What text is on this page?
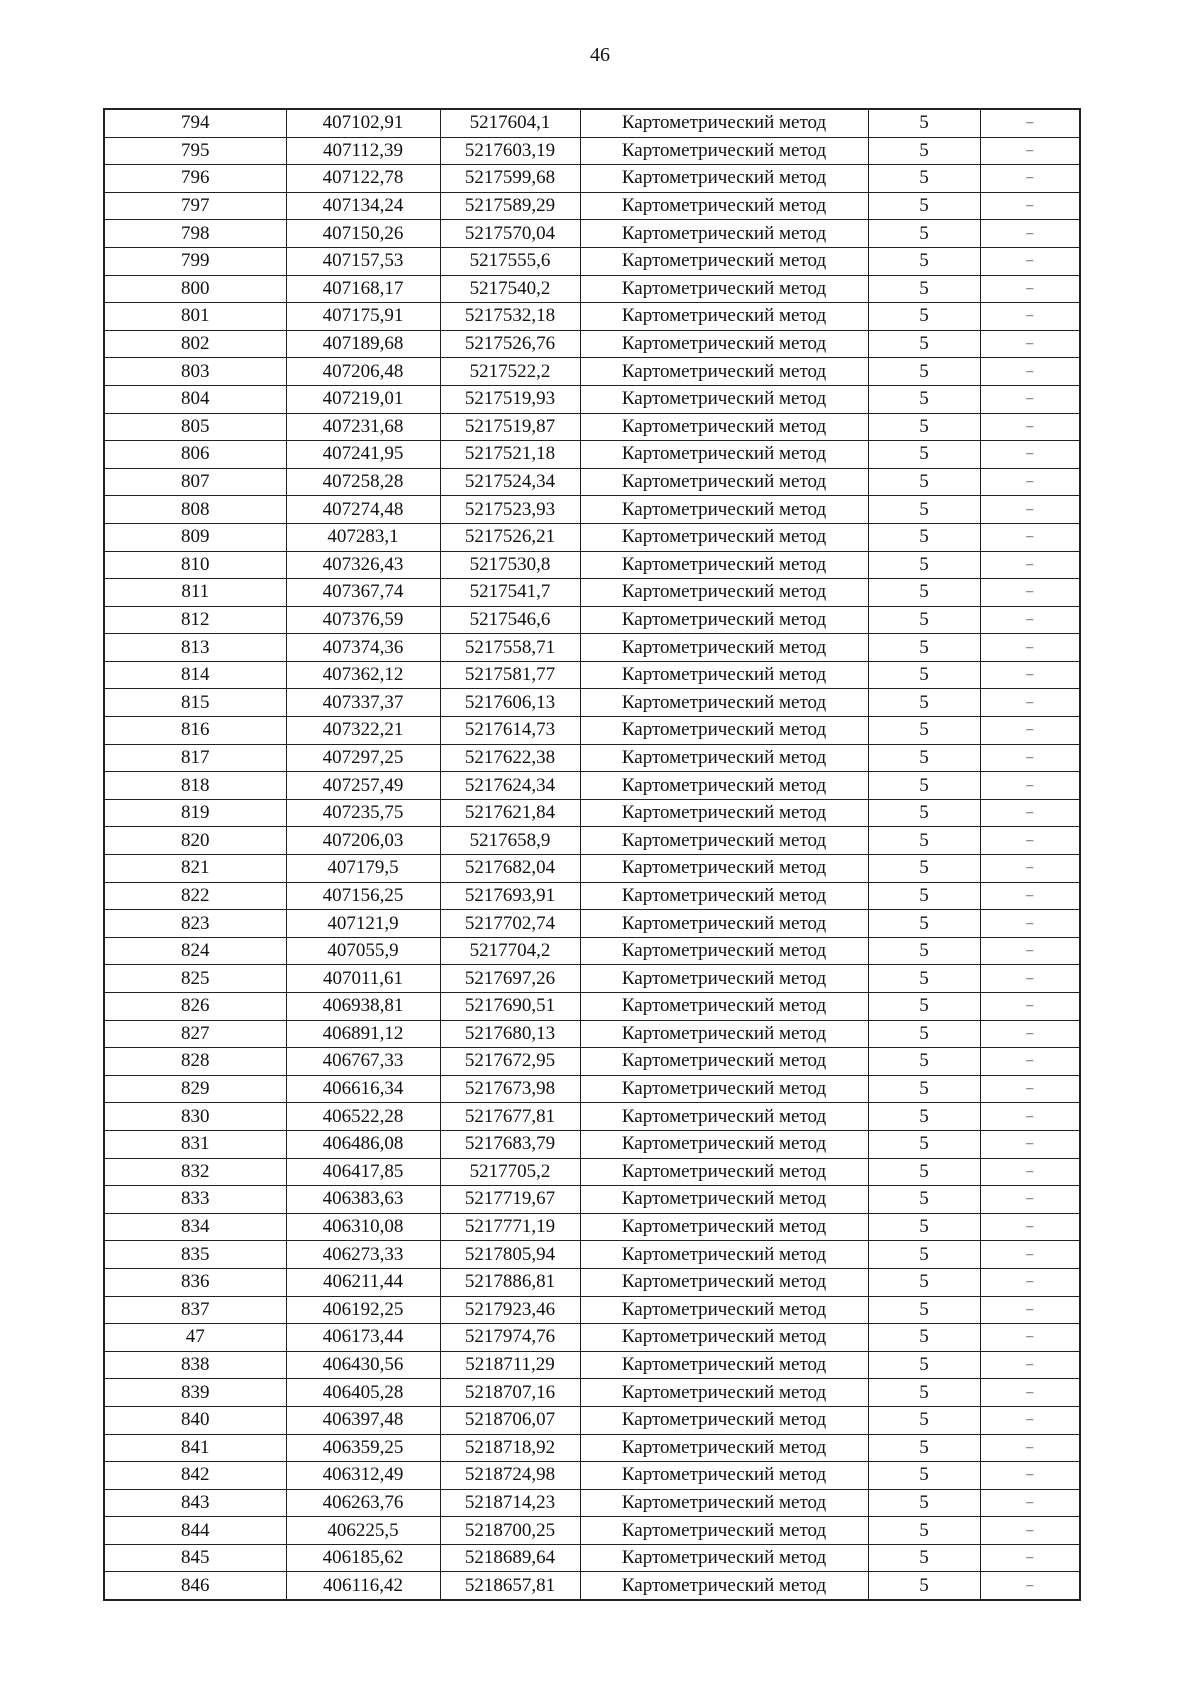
46
794	407102,91	5217604,1	Картометрический метод	5	–
795	407112,39	5217603,19	Картометрический метод	5	–
796	407122,78	5217599,68	Картометрический метод	5	–
797	407134,24	5217589,29	Картометрический метод	5	–
798	407150,26	5217570,04	Картометрический метод	5	–
799	407157,53	5217555,6	Картометрический метод	5	–
800	407168,17	5217540,2	Картометрический метод	5	–
801	407175,91	5217532,18	Картометрический метод	5	–
802	407189,68	5217526,76	Картометрический метод	5	–
803	407206,48	5217522,2	Картометрический метод	5	–
804	407219,01	5217519,93	Картометрический метод	5	–
805	407231,68	5217519,87	Картометрический метод	5	–
806	407241,95	5217521,18	Картометрический метод	5	–
807	407258,28	5217524,34	Картометрический метод	5	–
808	407274,48	5217523,93	Картометрический метод	5	–
809	407283,1	5217526,21	Картометрический метод	5	–
810	407326,43	5217530,8	Картометрический метод	5	–
811	407367,74	5217541,7	Картометрический метод	5	–
812	407376,59	5217546,6	Картометрический метод	5	–
813	407374,36	5217558,71	Картометрический метод	5	–
814	407362,12	5217581,77	Картометрический метод	5	–
815	407337,37	5217606,13	Картометрический метод	5	–
816	407322,21	5217614,73	Картометрический метод	5	–
817	407297,25	5217622,38	Картометрический метод	5	–
818	407257,49	5217624,34	Картометрический метод	5	–
819	407235,75	5217621,84	Картометрический метод	5	–
820	407206,03	5217658,9	Картометрический метод	5	–
821	407179,5	5217682,04	Картометрический метод	5	–
822	407156,25	5217693,91	Картометрический метод	5	–
823	407121,9	5217702,74	Картометрический метод	5	–
824	407055,9	5217704,2	Картометрический метод	5	–
825	407011,61	5217697,26	Картометрический метод	5	–
826	406938,81	5217690,51	Картометрический метод	5	–
827	406891,12	5217680,13	Картометрический метод	5	–
828	406767,33	5217672,95	Картометрический метод	5	–
829	406616,34	5217673,98	Картометрический метод	5	–
830	406522,28	5217677,81	Картометрический метод	5	–
831	406486,08	5217683,79	Картометрический метод	5	–
832	406417,85	5217705,2	Картометрический метод	5	–
833	406383,63	5217719,67	Картометрический метод	5	–
834	406310,08	5217771,19	Картометрический метод	5	–
835	406273,33	5217805,94	Картометрический метод	5	–
836	406211,44	5217886,81	Картометрический метод	5	–
837	406192,25	5217923,46	Картометрический метод	5	–
47	406173,44	5217974,76	Картометрический метод	5	–
838	406430,56	5218711,29	Картометрический метод	5	–
839	406405,28	5218707,16	Картометрический метод	5	–
840	406397,48	5218706,07	Картометрический метод	5	–
841	406359,25	5218718,92	Картометрический метод	5	–
842	406312,49	5218724,98	Картометрический метод	5	–
843	406263,76	5218714,23	Картометрический метод	5	–
844	406225,5	5218700,25	Картометрический метод	5	–
845	406185,62	5218689,64	Картометрический метод	5	–
846	406116,42	5218657,81	Картометрический метод	5	–
